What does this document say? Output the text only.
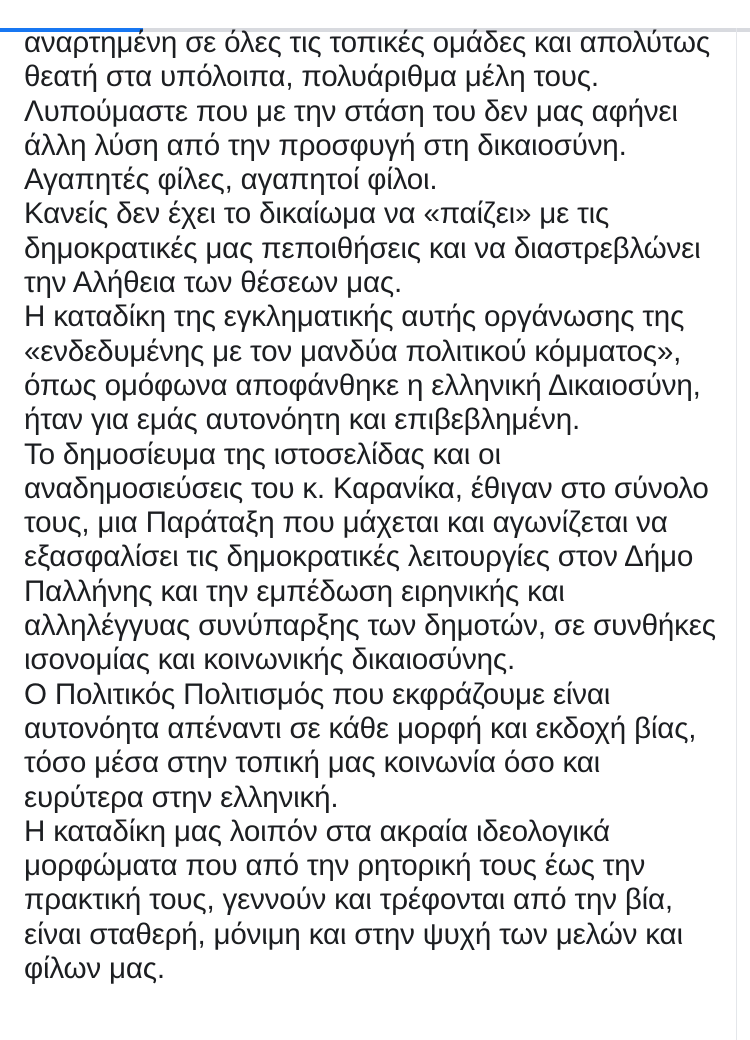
αναρτημένη σε όλες τις τοπικές ομάδες και απολύτως
θεατή στα υπόλοιπα, πολυάριθμα μέλη τους.
Λυπούμαστε που με την στάση του δεν μας αφήνει
άλλη λύση από την προσφυγή στη δικαιοσύνη.
Αγαπητές φίλες, αγαπητοί φίλοι.
Κανείς δεν έχει το δικαίωμα να «παίζει» με τις
δημοκρατικές μας πεποιθήσεις και να διαστρεβλώνει
την Αλήθεια των θέσεων μας.
Η καταδίκη της εγκληματικής αυτής οργάνωσης της
«ενδεδυμένης με τον μανδύα πολιτικού κόμματος»,
όπως ομόφωνα αποφάνθηκε η ελληνική Δικαιοσύνη,
ήταν για εμάς αυτονόητη και επιβεβλημένη.
Το δημοσίευμα της ιστοσελίδας και οι
αναδημοσιεύσεις του κ. Καρανίκα, έθιγαν στο σύνολο
τους, μια Παράταξη που μάχεται και αγωνίζεται να
εξασφαλίσει τις δημοκρατικές λειτουργίες στον Δήμο
Παλλήνης και την εμπέδωση ειρηνικής και
αλληλέγγυας συνύπαρξης των δημοτών, σε συνθήκες
ισονομίας και κοινωνικής δικαιοσύνης.
Ο Πολιτικός Πολιτισμός που εκφράζουμε είναι
αυτονόητα απέναντι σε κάθε μορφή και εκδοχή βίας,
τόσο μέσα στην τοπική μας κοινωνία όσο και
ευρύτερα στην ελληνική.
Η καταδίκη μας λοιπόν στα ακραία ιδεολογικά
μορφώματα που από την ρητορική τους έως την
πρακτική τους, γεννούν και τρέφονται από την βία,
είναι σταθερή, μόνιμη και στην ψυχή των μελών και
φίλων μας.
